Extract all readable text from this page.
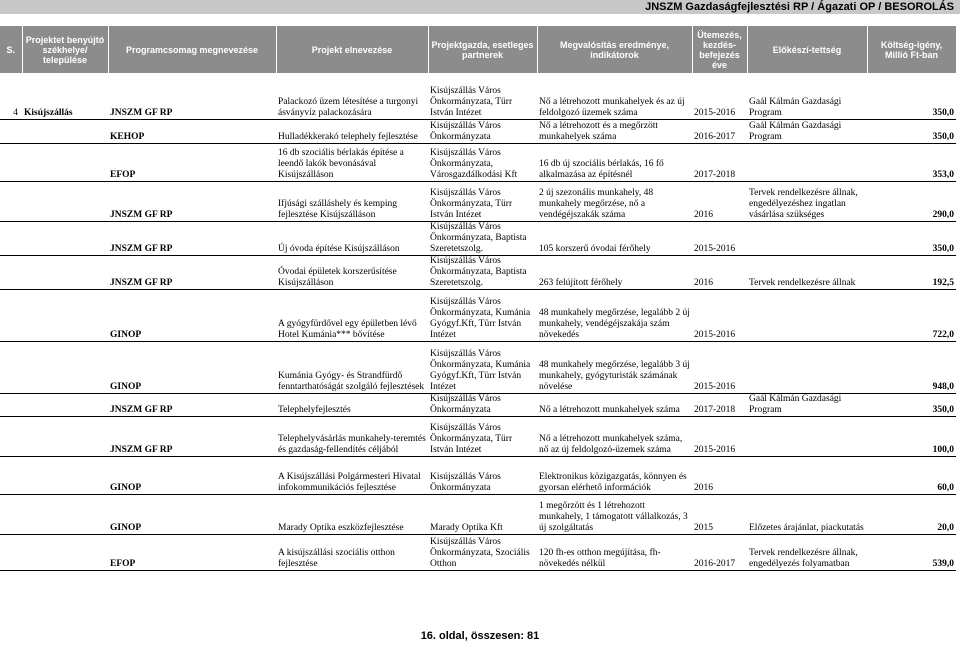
JNSZM Gazdaságfejlesztési RP / Ágazati OP / BESOROLÁS
S.	Projektet benyújtó székhelye/ települése	Programcsomag megnevezése	Projekt elnevezése	Projektgazda, esetleges partnerek	Megvalósítás eredménye, indikátorok	Ütemezés, kezdés-befejezés éve	Előkészí-tettség	Költség-igény, Millió Ft-ban
4	Kisújszállás	JNSZM GF RP	Palackozó üzem létesítése a turgonyi ásványvíz palackozására	Kisújszállás Város Önkormányzata, Türr István Intézet	Nő a létrehozott munkahelyek és az új feldolgozó üzemek száma	2015-2016	Gaál Kálmán Gazdasági Program	350,0
		KEHOP	Hulladékkerakó telephely fejlesztése	Kisújszállás Város Önkormányzata	Nő a létrehozott és a megőrzött munkahelyek száma	2016-2017	Gaál Kálmán Gazdasági Program	350,0
		EFOP	16 db szociális bérlakás építése a leendő lakók bevonásával Kisújszálláson	Kisújszállás Város Önkormányzata, Városgazdálkodási Kft	16 db új szociális bérlakás, 16 fő alkalmazása az építésnél	2017-2018		353,0
		JNSZM GF RP	Ifjúsági szálláshely és kemping fejlesztése Kisújszálláson	Kisújszállás Város Önkormányzata, Türr István Intézet	2 új szezonális munkahely, 48 munkahely megőrzése, nő a vendégéjszakák száma	2016	Tervek rendelkezésre állnak, engedélyezéshez ingatlan vásárlása szükséges	290,0
		JNSZM GF RP	Új óvoda építése Kisújszálláson	Kisújszállás Város Önkormányzata, Baptista Szeretetszolg.	105 korszerű óvodai férőhely	2015-2016		350,0
		JNSZM GF RP	Óvodai épületek korszerűsítése Kisújszálláson	Kisújszállás Város Önkormányzata, Baptista Szeretetszolg.	263 felújított férőhely	2016	Tervek rendelkezésre állnak	192,5
		GINOP	A gyógyfürdővel egy épületben lévő Hotel Kumánia*** bővítése	Kisújszállás Város Önkormányzata, Kumánia Gyógyf.Kft, Türr István Intézet	48 munkahely megőrzése, legalább 2 új munkahely, vendégéjszakája szám növekedés	2015-2016		722,0
		GINOP	Kumánia Gyógy- és Strandfürdő fenntarthatóságát szolgáló fejlesztések	Kisújszállás Város Önkormányzata, Kumánia Gyógyf.Kft, Türr István Intézet	48 munkahely megőrzése, legalább 3 új munkahely, gyógyturisták számának növelése	2015-2016		948,0
		JNSZM GF RP	Telephelyfejlesztés	Kisújszállás Város Önkormányzata	Nő a létrehozott munkahelyek száma	2017-2018	Gaál Kálmán Gazdasági Program	350,0
		JNSZM GF RP	Telephelyvásárlás munkahely-teremtés és gazdaság-fellendítés céljából	Kisújszállás Város Önkormányzata, Türr István Intézet	Nő a létrehozott munkahelyek száma, nő az új feldolgozó-üzemek száma	2015-2016		100,0
		GINOP	A Kisújszállási Polgármesteri Hivatal infokommunikációs fejlesztése	Kisújszállás Város Önkormányzata	Elektronikus közigazgatás, könnyen és gyorsan elérhető információk	2016		60,0
		GINOP	Marady Optika eszközfejlesztése	Marady Optika Kft	1 megőrzött és 1 létrehozott munkahely, 1 támogatott vállalkozás, 3 új szolgáltatás	2015	Előzetes árajánlat, piackutatás	20,0
		EFOP	A kisújszállási szociális otthon fejlesztése	Kisújszállás Város Önkormányzata, Szociális Otthon	120 fh-es otthon megújítása, fh-növekedés nélkül	2016-2017	Tervek rendelkezésre állnak, engedélyezés folyamatban	539,0
16. oldal, összesen: 81
